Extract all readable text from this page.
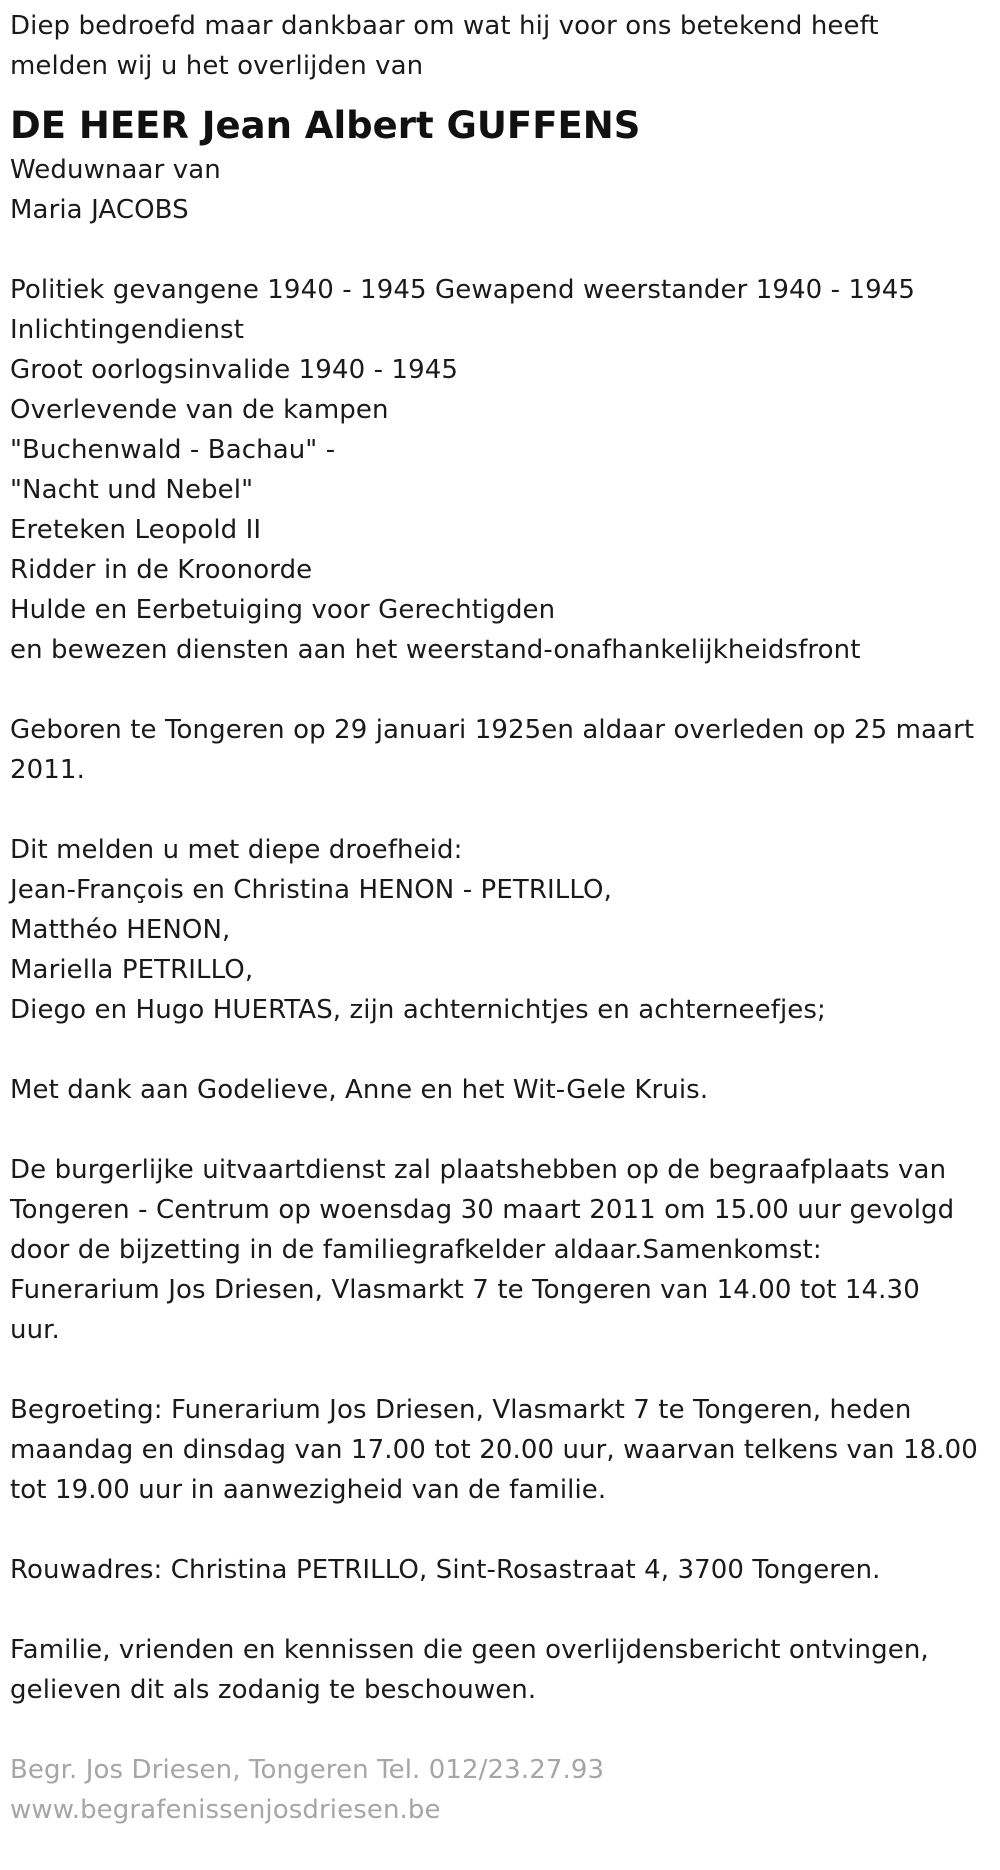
Diep bedroefd maar dankbaar om wat hij voor ons betekend heeft
melden wij u het overlijden van
DE HEER Jean Albert GUFFENS
Weduwnaar van
Maria JACOBS
Politiek gevangene 1940 - 1945 Gewapend weerstander 1940 - 1945
Inlichtingendienst
Groot oorlogsinvalide 1940 - 1945
Overlevende van de kampen
"Buchenwald - Bachau" -
"Nacht und Nebel"
Ereteken Leopold II
Ridder in de Kroonorde
Hulde en Eerbetuiging voor Gerechtigden
en bewezen diensten aan het weerstand-onafhankelijkheidsfront
Geboren te Tongeren op 29 januari 1925en aldaar overleden op 25 maart
2011.
Dit melden u met diepe droefheid:
Jean-François en Christina HENON - PETRILLO,
Matthéo HENON,
Mariella PETRILLO,
Diego en Hugo HUERTAS, zijn achternichtjes en achterneefjes;
Met dank aan Godelieve, Anne en het Wit-Gele Kruis.
De burgerlijke uitvaartdienst zal plaatshebben op de begraafplaats van
Tongeren - Centrum op woensdag 30 maart 2011 om 15.00 uur gevolgd
door de bijzetting in de familiegrafkelder aldaar.Samenkomst:
Funerarium Jos Driesen, Vlasmarkt 7 te Tongeren van 14.00 tot 14.30
uur.
Begroeting: Funerarium Jos Driesen, Vlasmarkt 7 te Tongeren, heden
maandag en dinsdag van 17.00 tot 20.00 uur, waarvan telkens van 18.00
tot 19.00 uur in aanwezigheid van de familie.
Rouwadres: Christina PETRILLO, Sint-Rosastraat 4, 3700 Tongeren.
Familie, vrienden en kennissen die geen overlijdensbericht ontvingen,
gelieven dit als zodanig te beschouwen.
Begr. Jos Driesen, Tongeren Tel. 012/23.27.93
www.begrafenissenjosdriesen.be
